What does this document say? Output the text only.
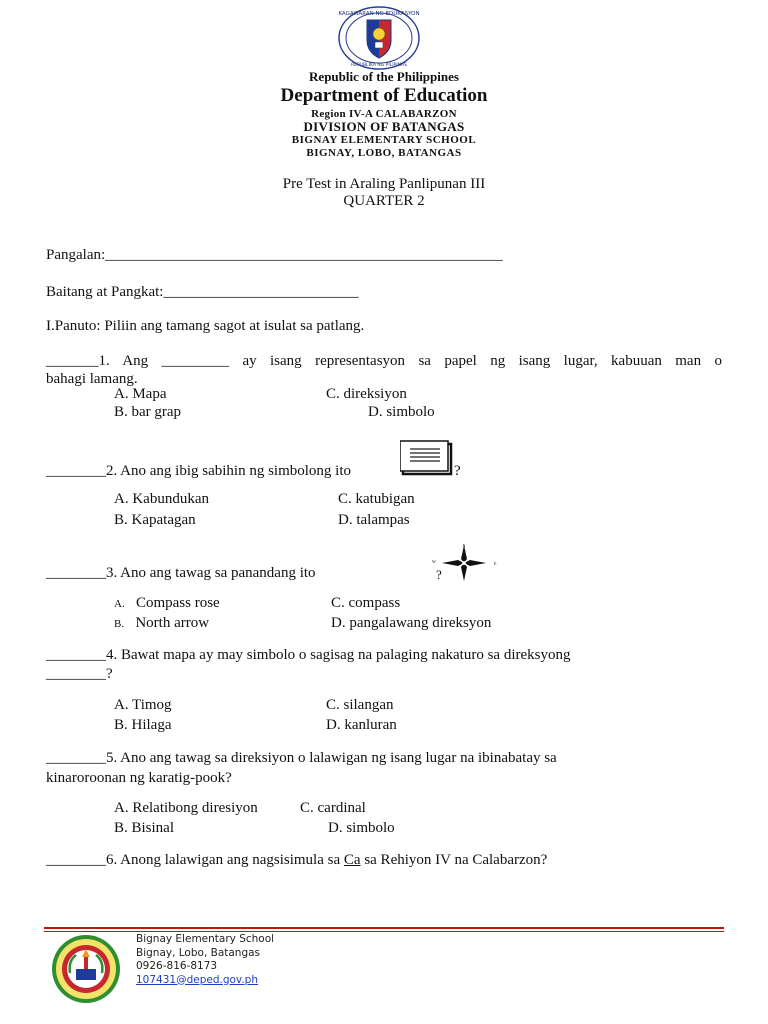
KAGAWARAN NG EDUKASYON
REPUBLIKA NG PILIPINAS
Republic of the Philippines
Department of Education
Region IV-A CALABARZON
DIVISION OF BATANGAS
BIGNAY ELEMENTARY SCHOOL
BIGNAY, LOBO, BATANGAS
Pre Test in Araling Panlipunan III
QUARTER 2
Pangalan:_____________________________________________________
Baitang at Pangkat:__________________________
I.Panuto: Piliin ang tamang sagot at isulat sa patlang.
_______1. Ang _________ ay isang representasyon sa papel ng isang lugar, kabuuan man o
bahagi lamang.
A. Mapa
B. bar grap
C. direksiyon
D. simbolo
________2. Ano ang ibig sabihin ng simbolong ito	?
A. Kabundukan
B. Kapatagan
C. katubigan
D. talampas
________3. Ano ang tawag sa panandang ito
N
W	E
?
A. Compass rose
B. North arrow
C. compass
D. pangalawang direksyon
________4. Bawat mapa ay may simbolo o sagisag na palaging nakaturo sa direksyong
________?
A. Timog
B. Hilaga
C. silangan
D. kanluran
________5. Ano ang tawag sa direksiyon o lalawigan ng isang lugar na ibinabatay sa
kinaroroonan ng karatig-pook?
A. Relatibong diresiyon	C. cardinal
B. Bisinal	D. simbolo
________6. Anong lalawigan ang nagsisimula sa Ca sa Rehiyon IV na Calabarzon?
Bignay Elementary School
Bignay, Lobo, Batangas
0926-816-8173
107431@deped.gov.ph
